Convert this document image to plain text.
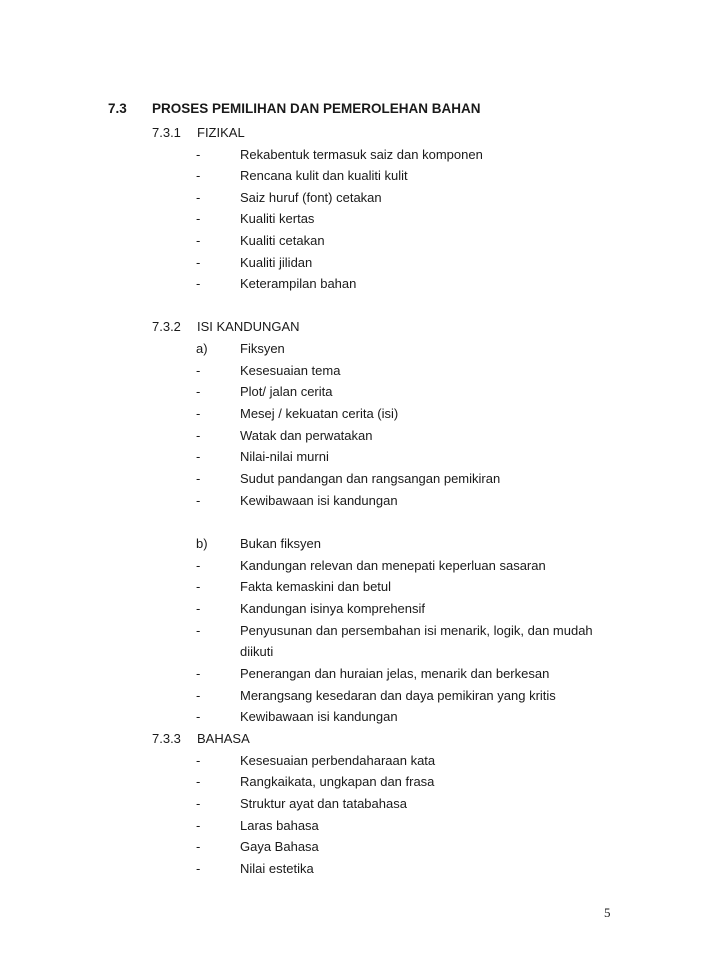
7.3 PROSES PEMILIHAN DAN PEMEROLEHAN BAHAN
7.3.1 FIZIKAL
-	Rekabentuk termasuk saiz dan komponen
-	Rencana kulit dan kualiti kulit
-	Saiz huruf (font) cetakan
-	Kualiti kertas
-	Kualiti cetakan
-	Kualiti jilidan
-	Keterampilan bahan
7.3.2 ISI KANDUNGAN
a)	Fiksyen
-	Kesesuaian tema
-	Plot/ jalan cerita
-	Mesej / kekuatan cerita (isi)
-	Watak dan perwatakan
-	Nilai-nilai murni
-	Sudut pandangan dan rangsangan pemikiran
-	Kewibawaan isi kandungan
b)	Bukan fiksyen
-	Kandungan relevan dan menepati keperluan sasaran
-	Fakta kemaskini dan betul
-	Kandungan isinya komprehensif
-	Penyusunan dan persembahan isi menarik, logik, dan mudah
diikuti
-	Penerangan dan huraian jelas, menarik dan berkesan
-	Merangsang kesedaran dan daya pemikiran yang kritis
-	Kewibawaan isi kandungan
7.3.3 BAHASA
-	Kesesuaian perbendaharaan kata
-	Rangkaikata, ungkapan dan frasa
-	Struktur ayat dan tatabahasa
-	Laras bahasa
-	Gaya Bahasa
-	Nilai estetika
5
